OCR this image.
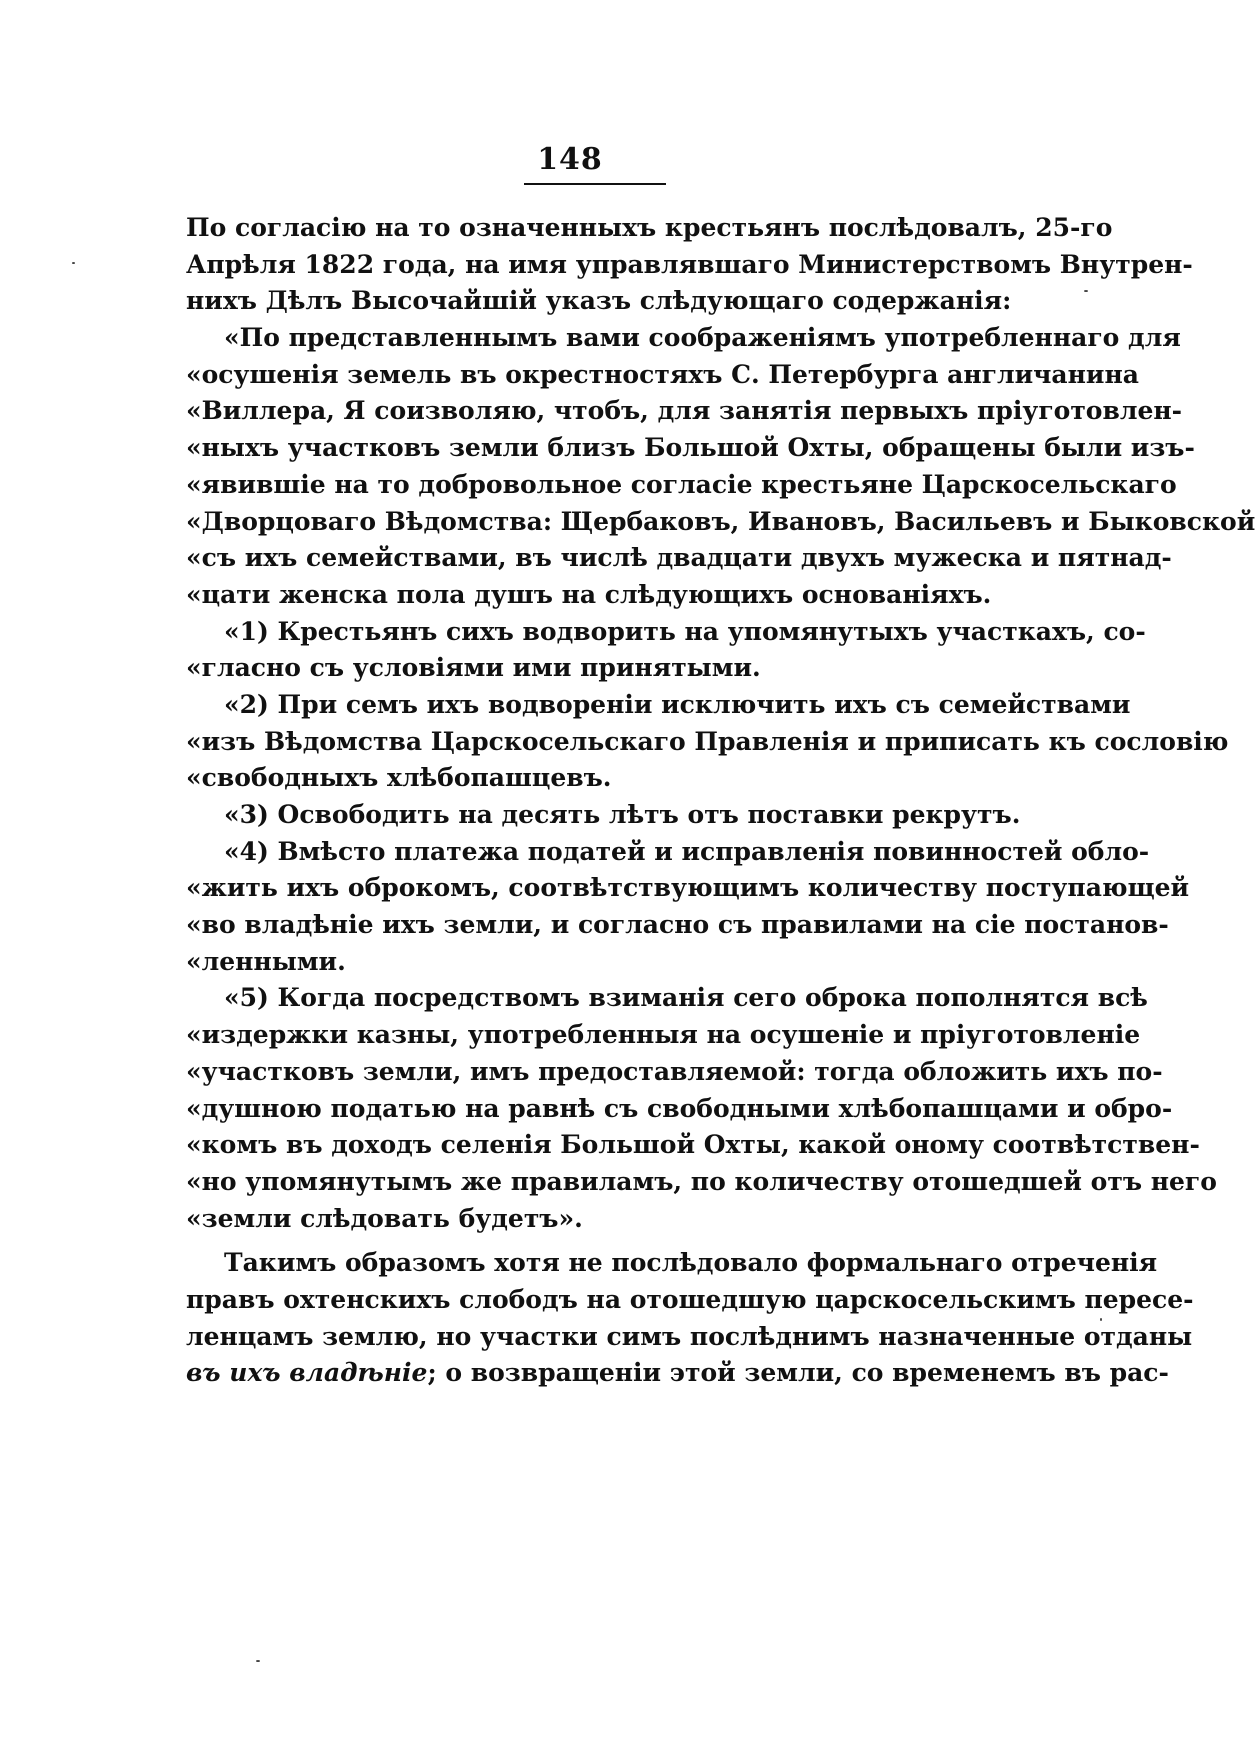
148
По согласію на то означенныхъ крестьянъ послѣдовалъ, 25-го
Апрѣля 1822 года, на имя управлявшаго Министерствомъ Внутрен-
нихъ Дѣлъ Высочайшій указъ слѣдующаго содержанія:
«По представленнымъ вами соображеніямъ употребленнаго для
«осушенія земель въ окрестностяхъ С. Петербурга англичанина
«Виллера, Я соизволяю, чтобъ, для занятія первыхъ пріуготовлен-
«ныхъ участковъ земли близъ Большой Охты, обращены были изъ-
«явившіе на то добровольное согласіе крестьяне Царскосельскаго
«Дворцоваго Вѣдомства: Щербаковъ, Ивановъ, Васильевъ и Быковской
«съ ихъ семействами, въ числѣ двадцати двухъ мужеска и пятнад-
«цати женска пола душъ на слѣдующихъ основаніяхъ.
«1) Крестьянъ сихъ водворить на упомянутыхъ участкахъ, со-
«гласно съ условіями ими принятыми.
«2) При семъ ихъ водвореніи исключить ихъ съ семействами
«изъ Вѣдомства Царскосельскаго Правленія и приписать къ сословію
«свободныхъ хлѣбопашцевъ.
«3) Освободить на десять лѣтъ отъ поставки рекрутъ.
«4) Вмѣсто платежа податей и исправленія повинностей обло-
«жить ихъ оброкомъ, соотвѣтствующимъ количеству поступающей
«во владѣніе ихъ земли, и согласно съ правилами на сіе постанов-
«ленными.
«5) Когда посредствомъ взиманія сего оброка пополнятся всѣ
«издержки казны, употребленныя на осушеніе и пріуготовленіе
«участковъ земли, имъ предоставляемой: тогда обложить ихъ по-
«душною податью на равнѣ съ свободными хлѣбопашцами и обро-
«комъ въ доходъ селенія Большой Охты, какой оному соотвѣтствен-
«но упомянутымъ же правиламъ, по количеству отошедшей отъ него
«земли слѣдовать будетъ».
Такимъ образомъ хотя не послѣдовало формальнаго отреченія
правъ охтенскихъ слободъ на отошедшую царскосельскимъ пересе-
ленцамъ землю, но участки симъ послѣднимъ назначенные отданы
въ ихъ владѣніе; о возвращеніи этой земли, со временемъ въ рас-
